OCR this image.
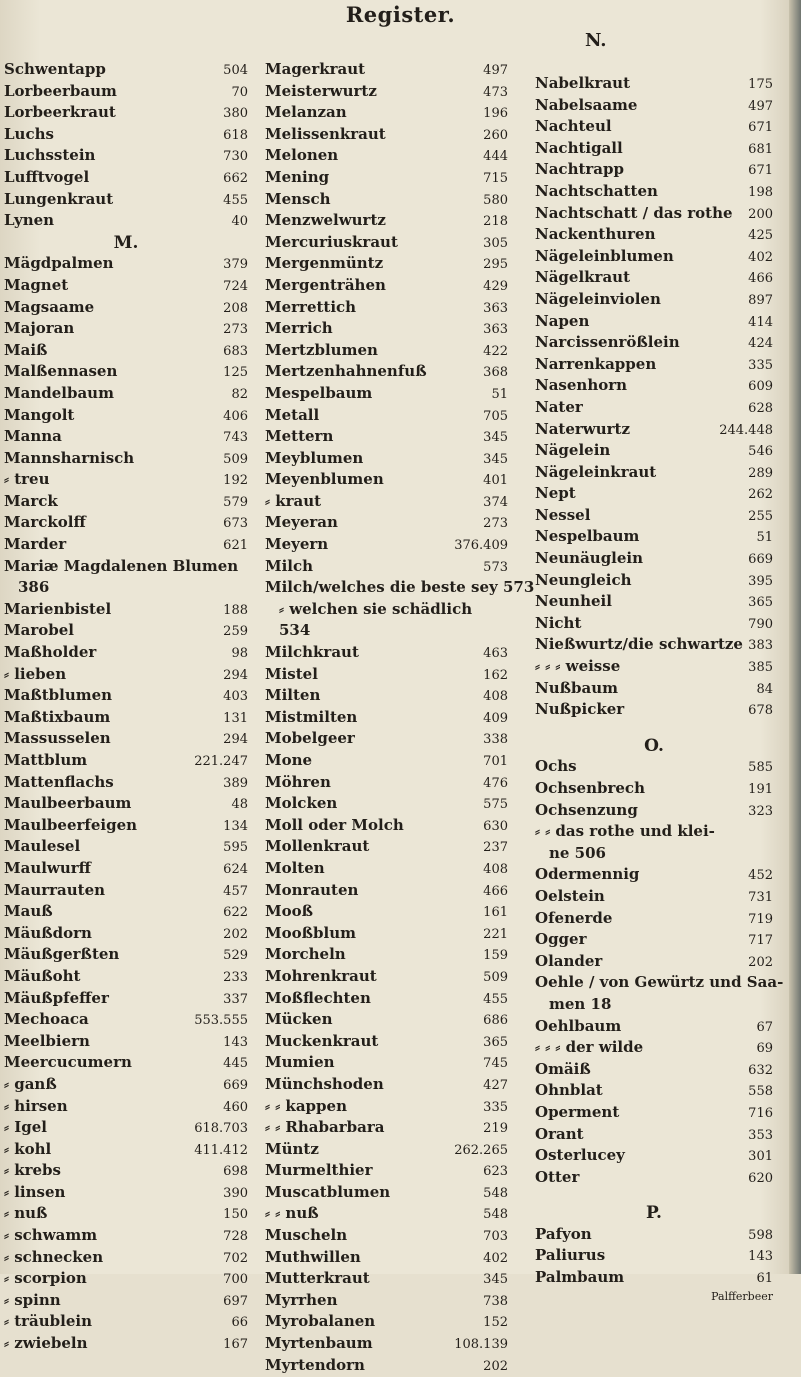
Register.
N.
Schwentapp	504
Lorbeerbaum	70
Lorbeerkraut	380
Luchs	618
Luchsstein	730
Lufftvogel	662
Lungenkraut	455
Lynen	40
M.
Mägdpalmen	379
Magnet	724
Magsaame	208
Majoran	273
Maiß	683
Malßennasen	125
Mandelbaum	82
Mangolt	406
Manna	743
Mannsharnisch	509
⸗ treu	192
Marck	579
Marckolff	673
Marder	621
Mariæ Magdalenen Blumen
386
Marienbistel	188
Marobel	259
Maßholder	98
⸗ lieben	294
Maßtblumen	403
Maßtixbaum	131
Massusselen	294
Mattblum	221.247
Mattenflachs	389
Maulbeerbaum	48
Maulbeerfeigen	134
Maulesel	595
Maulwurff	624
Maurrauten	457
Mauß	622
Mäußdorn	202
Mäußgerßten	529
Mäußoht	233
Mäußpfeffer	337
Mechoaca	553.555
Meelbiern	143
Meercucumern	445
⸗ ganß	669
⸗ hirsen	460
⸗ Igel	618.703
⸗ kohl	411.412
⸗ krebs	698
⸗ linsen	390
⸗ nuß	150
⸗ schwamm	728
⸗ schnecken	702
⸗ scorpion	700
⸗ spinn	697
⸗ träublein	66
⸗ zwiebeln	167
Magerkraut	497
Meisterwurtz	473
Melanzan	196
Melissenkraut	260
Melonen	444
Mening	715
Mensch	580
Menzwelwurtz	218
Mercuriuskraut	305
Mergenmüntz	295
Mergenträhen	429
Merrettich	363
Merrich	363
Mertzblumen	422
Mertzenhahnenfuß	368
Mespelbaum	51
Metall	705
Mettern	345
Meyblumen	345
Meyenblumen	401
⸗ kraut	374
Meyeran	273
Meyern	376.409
Milch	573
Milch/welches die beste sey 573
⸗ welchen sie schädlich
534
Milchkraut	463
Mistel	162
Milten	408
Mistmilten	409
Mobelgeer	338
Mone	701
Möhren	476
Molcken	575
Moll oder Molch	630
Mollenkraut	237
Molten	408
Monrauten	466
Mooß	161
Mooßblum	221
Morcheln	159
Mohrenkraut	509
Moßflechten	455
Mücken	686
Muckenkraut	365
Mumien	745
Münchshoden	427
⸗ ⸗ kappen	335
⸗ ⸗ Rhabarbara	219
Müntz	262.265
Murmelthier	623
Muscatblumen	548
⸗ ⸗ nuß	548
Muscheln	703
Muthwillen	402
Mutterkraut	345
Myrrhen	738
Myrobalanen	152
Myrtenbaum	108.139
Myrtendorn	202
Nabelkraut	175
Nabelsaame	497
Nachteul	671
Nachtigall	681
Nachtrapp	671
Nachtschatten	198
Nachtschatt / das rothe	200
Nackenthuren	425
Nägeleinblumen	402
Nägelkraut	466
Nägeleinviolen	897
Napen	414
Narcissenrößlein	424
Narrenkappen	335
Nasenhorn	609
Nater	628
Naterwurtz	244.448
Nägelein	546
Nägeleinkraut	289
Nept	262
Nessel	255
Nespelbaum	51
Neunäuglein	669
Neungleich	395
Neunheil	365
Nicht	790
Nießwurtz/die schwartze 383
⸗ ⸗ ⸗ weisse	385
Nußbaum	84
Nußpicker	678
O.
Ochs	585
Ochsenbrech	191
Ochsenzung	323
⸗ ⸗ das rothe und klei-
ne 506
Odermennig	452
Oelstein	731
Ofenerde	719
Ogger	717
Olander	202
Oehle / von Gewürtz und Saa-
men 18
Oehlbaum	67
⸗ ⸗ ⸗ der wilde	69
Omäiß	632
Ohnblat	558
Operment	716
Orant	353
Osterlucey	301
Otter	620
P.
Pafyon	598
Paliurus	143
Palmbaum	61
Palfferbeer
